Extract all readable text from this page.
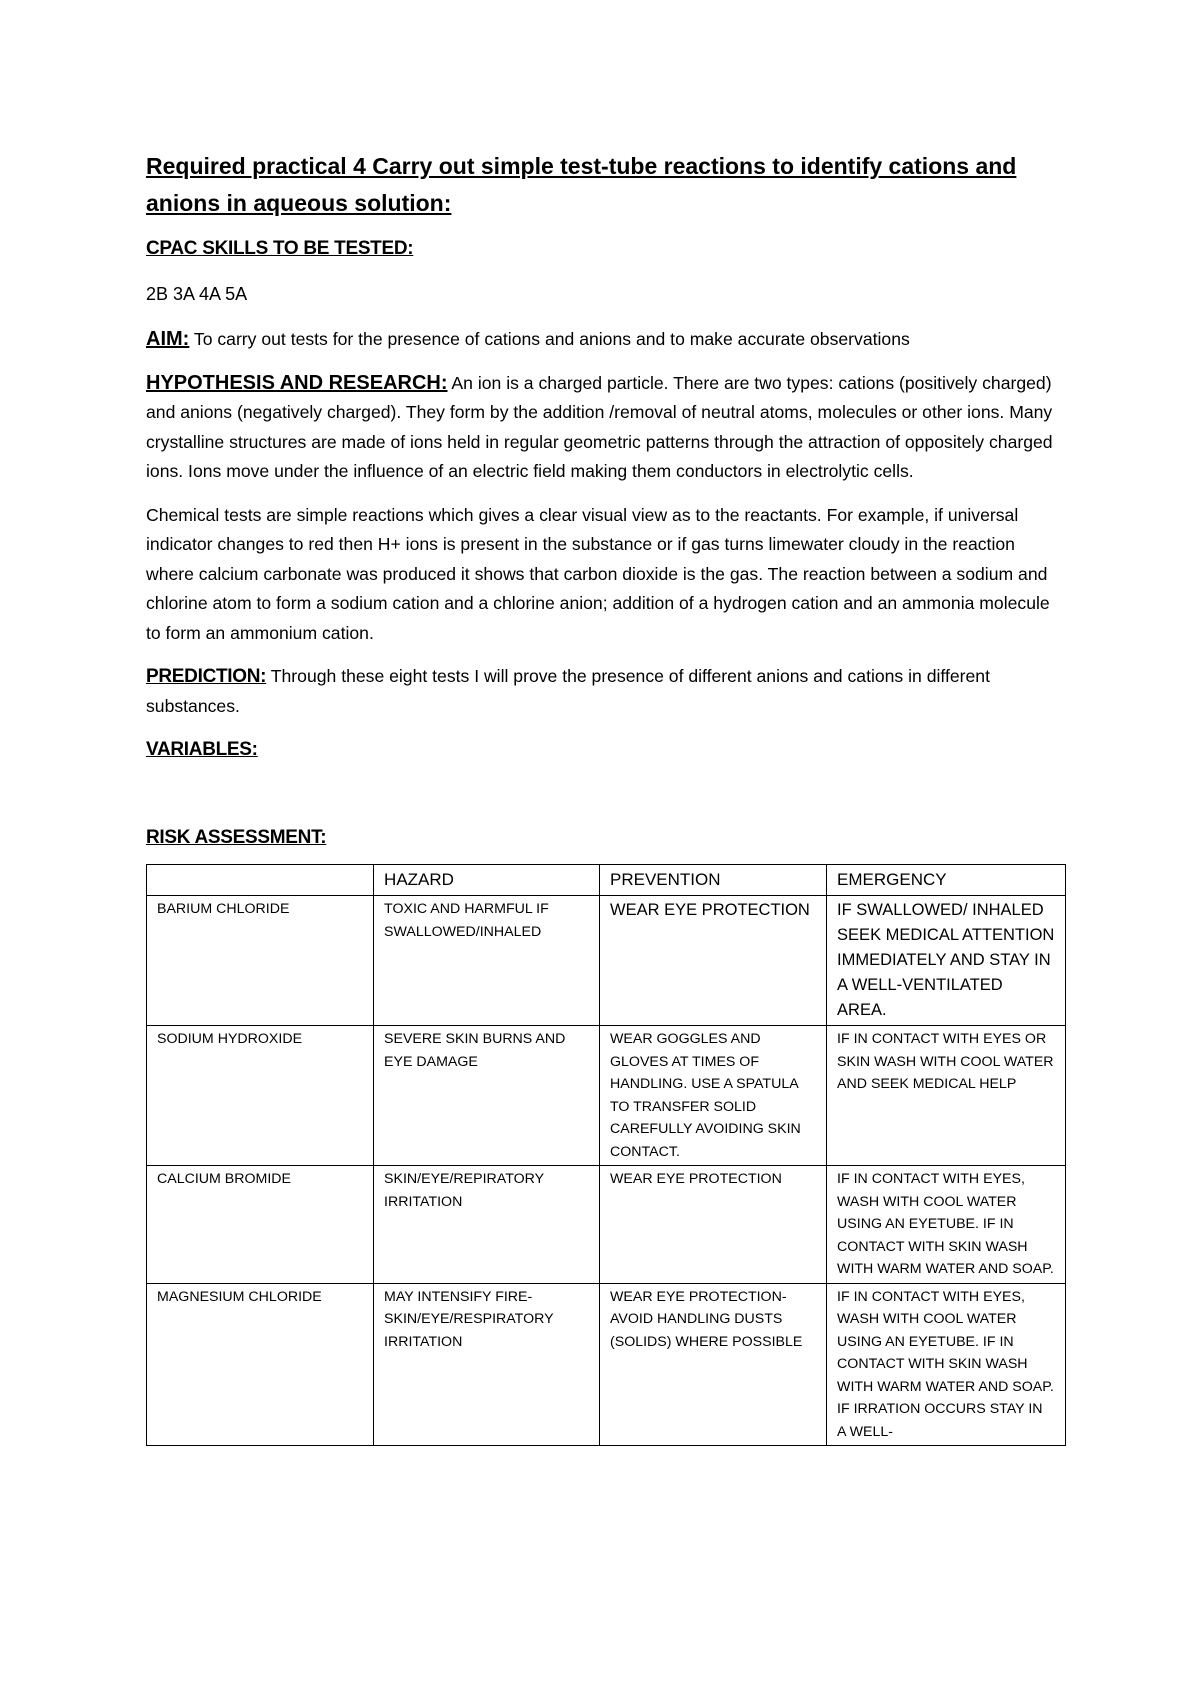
Required practical 4 Carry out simple test-tube reactions to identify cations and anions in aqueous solution:

CPAC SKILLS TO BE TESTED:

2B 3A 4A 5A

AIM: To carry out tests for the presence of cations and anions and to make accurate observations

HYPOTHESIS AND RESEARCH: An ion is a charged particle. There are two types: cations (positively charged) and anions (negatively charged). They form by the addition /removal of neutral atoms, molecules or other ions. Many crystalline structures are made of ions held in regular geometric patterns through the attraction of oppositely charged ions. Ions move under the influence of an electric field making them conductors in electrolytic cells.

Chemical tests are simple reactions which gives a clear visual view as to the reactants. For example, if universal indicator changes to red then H+ ions is present in the substance or if gas turns limewater cloudy in the reaction where calcium carbonate was produced it shows that carbon dioxide is the gas. The reaction between a sodium and chlorine atom to form a sodium cation and a chlorine anion; addition of a hydrogen cation and an ammonia molecule to form an ammonium cation.

PREDICTION: Through these eight tests I will prove the presence of different anions and cations in different substances.

VARIABLES:

RISK ASSESSMENT:

	HAZARD	PREVENTION	EMERGENCY
BARIUM CHLORIDE	TOXIC AND HARMFUL IF SWALLOWED/INHALED	WEAR EYE PROTECTION	IF SWALLOWED/ INHALED SEEK MEDICAL ATTENTION IMMEDIATELY AND STAY IN A WELL-VENTILATED AREA.
SODIUM HYDROXIDE	SEVERE SKIN BURNS AND EYE DAMAGE	WEAR GOGGLES AND GLOVES AT TIMES OF HANDLING. USE A SPATULA TO TRANSFER SOLID CAREFULLY AVOIDING SKIN CONTACT.	IF IN CONTACT WITH EYES OR SKIN WASH WITH COOL WATER AND SEEK MEDICAL HELP
CALCIUM BROMIDE	SKIN/EYE/REPIRATORY IRRITATION	WEAR EYE PROTECTION	IF IN CONTACT WITH EYES, WASH WITH COOL WATER USING AN EYETUBE. IF IN CONTACT WITH SKIN WASH WITH WARM WATER AND SOAP.
MAGNESIUM CHLORIDE	MAY INTENSIFY FIRE- SKIN/EYE/RESPIRATORY IRRITATION	WEAR EYE PROTECTION- AVOID HANDLING DUSTS (SOLIDS) WHERE POSSIBLE	IF IN CONTACT WITH EYES, WASH WITH COOL WATER USING AN EYETUBE. IF IN CONTACT WITH SKIN WASH WITH WARM WATER AND SOAP. IF IRRATION OCCURS STAY IN A WELL-
